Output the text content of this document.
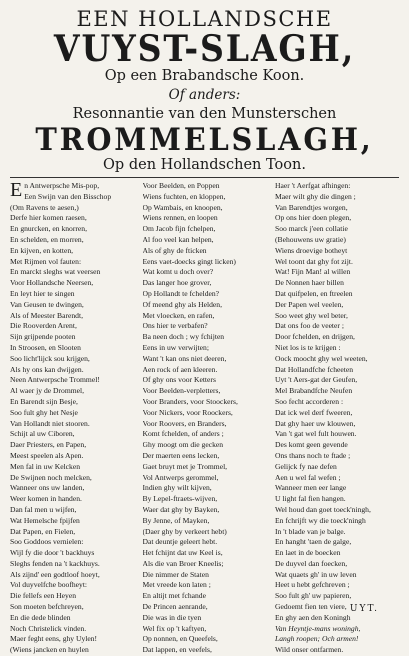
EEN HOLLANDSCHE
VUYST-SLAGH,
Op een Brabandsche Koon.
Of anders:
Resonnantie van den Munsterschen
TROMMELSLAGH,
Op den Hollandschen Toon.
En Antwerpsche Mis-pop,
Een Swijn van den Bisschop
(Om Ravens te aesen,)
Derfe hier komen raesen,
En gnurcken, en knorren,
En schelden, en morren,
En kijven, en kotten,
Met Rijmen vol fauten:
En marckt sleghs wat veersen
Voor Hollandsche Neersen,
En leyt hier te singen
Van Geusen te dwingen,
Als of Meester Barendt,
Die Rooverden Arent,
Sijn grijpende pooten
In Stroosen, en Slooten
Soo licht'lijck sou krijgen,
Als hy ons kan dwijgen.
Neen Antwerpsche Trommel!
Al waer jy de Drommel,
En Barendt sijn Besje,
Soo fult ghy het Nesje
Van Hollandt niet stooren.
Schijt al uw Ciboren,
Daer Priesters, en Papen,
Meest speelen als Apen.
Men fal in uw Kelcken
De Swijnen noch melcken,
Wanneer ons uw landen,
Weer komen in handen.
Dan fal men u wijfen,
Wat Hemelsche fpijfen
Dat Papen, en Fielen,
Soo Goddoos vernielen:
Wijl fy die door 't backhuys
Sleghs fenden na 't kackhuys.
Als zijnd' een godtloof hoeyt,
Vol duyvelfche boofheyt:
Die fellefs een Heyen
Son moeten befchreyen,
En die dede blinden
Noch Christelick vinden.
Maer feght eens, ghy Uylen!
(Wiens jancken en huylen
Voor Beelden, en Poppen
Wiens fuchten, en kloppen,
Op Wambais, en knoopen,
Wiens rennen, en loopen
Om Jacob fijn fchelpen,
Al foo veel kan helpen,
Als of ghy de fticken
Eens vaet-doecks gingt licken)
Wat komt u doch over?
Das langer hoe grover,
Op Hollandt te fchelden?
Of meend ghy als Helden,
Met vloecken, en rafen,
Ons hier te verbafen?
Ba neen doch ; wy fchijten
Eens in uw verwijten;
Want 't kan ons niet deeren,
Aen rock of aen kleeren.
Of ghy ons voor Ketters
Voor Beelden-verpletters,
Voor Branders, voor Stoockers,
Voor Nickers, voor Roockers,
Voor Roovers, en Branders,
Komt fchelden, of anders ;
Ghy moogt om die gecken
Der maerten eens lecken,
Gaet bruyt met je Trommel,
Vol Antwerps gerommel,
Indien ghy wilt kijven,
By Lepel-ftraets-wijven,
Waer dat ghy by Bayken,
By Jenne, of Mayken,
(Daer ghy by verkeert hebt)
Dat deuntje geleert hebt.
Het fchijnt dat uw Keel is,
Als die van Broer Kneelis;
Die nimmer de Staten
Met vreede kon laten ;
En altijt met fchande
De Princen aenrande,
Die was in die tyen
Wel fix op 't kaftyen,
Op nonnen, en Queefels,
Dat lappen, en veefels,
Haer 't Aerfgat afhingen:
Maer wilt ghy die dingen ;
Van Barendtjes worgen,
Op ons hier doen plegen,
Soo marck j'een collatie
(Behouwens uw gratie)
Wiens droevige botheyt
Wel toont dat ghy fot zijt.
Wat! Fijn Man! al willen
De Nonnen haer billen
Dat quifpelen, en ftreelen
Der Papen wel veelen,
Soo weet ghy wel beter,
Dat ons foo de veeter ;
Door fchelden, en drijgen,
Niet los is te krijgen :
Oock moocht ghy wel weeten,
Dat Hollandfche fcheeten
Uyt 't Aers-gat der Geufen,
Mel Brabandfche Neufen
Soo fecht accorderen :
Dat ick wel derf fweeren,
Dat ghy haer uw klouwen,
Van 't gat wel fult houwen.
Des komt geen gevende
Ons thans noch te ftade ;
Gelijck fy nae defen
Aen u wel fal wefen ;
Wanneer men eer lange
U light fal fien hangen.
Wel houd dan goet toeck'ningh,
En fchrijft wy die toeck'ningh
In 't blade van je balge.
En hanght 'taen de galge,
En laet in de boecken
De duyvel dan foecken,
Wat quaets gh' in uw leven
Heet u hebt gefchreven ;
Soo fult gh' uw papieren,
Gedoemt fien ten viere,
En ghy aen den Koningh
Van Heyntje-mans woningh,
Langh roopen; Och armen!
Wild onser ontfarmen.
UYT.
